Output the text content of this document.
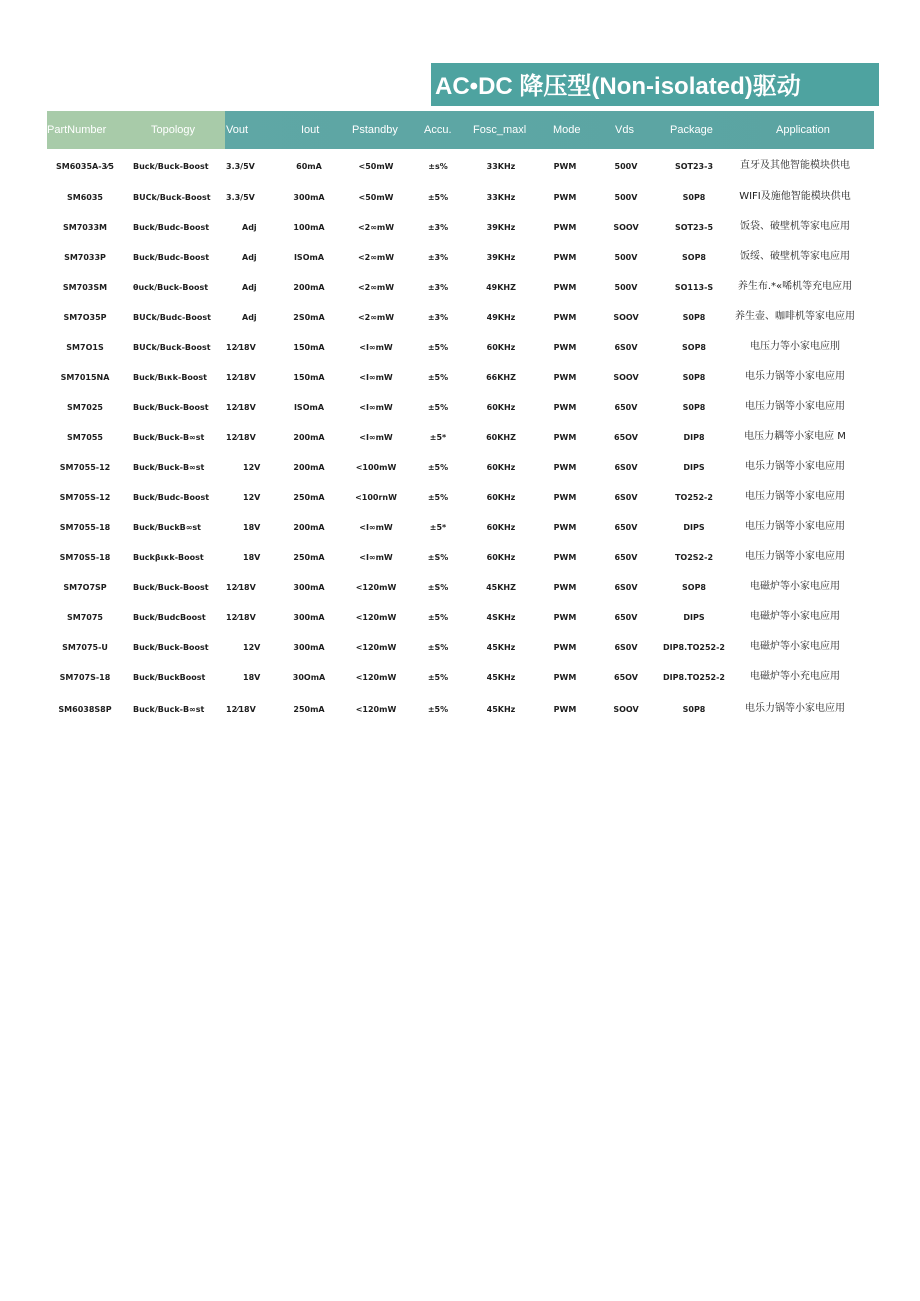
AC•DC 降压型(Non-isolated)驱动
PartNumber	Topology	Vout	Iout	Pstandby Accu. Fosc_maxl Mode	Vds	Package	Application
SM6035A-3⁄5	Buck/Buck-Boost 3.3/5V	60mA	<50mW	±s%	33KHz	PWM	500V	SOT23-3	直牙及其他智能模块供电
SM6035	BUCk/Buck-Boost 3.3/5V	300mA	<50mW	±5%	33KHz	PWM	500V	S0P8	WIFI及施他智能模块供电
SM7033M	Buck/Budc-Boost	Adj	100mA	<2∞mW	±3%	39KHz	PWM	SOOV	SOT23-5	饭袋、破壁机等家电应用
SM7033P	Buck/Budc-Boost	Adj	ISOmA	<2∞mW	±3%	39KHz	PWM	500V	SOP8	饭绥、破壁机等家电应用
SM703SM	θuck/Buck-Boost	Adj	200mA	<2∞mW	±3%	49KHZ	PWM	500V	SO113-S	养生布.*«唏机等充电应用
SM7O35P	BUCk/Budc-Boost	Adj	2S0mA	<2∞mW	±3%	49KHz	PWM	SOOV	S0P8	养生壶、咖啡机等家电应用
SM7O1S	BUCk/Buck-Boost 12⁄18V	150mA	<I∞mW	±5%	60KHz	PWM	6S0V	SOP8	电压力等小家电应刖
SM7015NA	Buck/Bικk-Boost 12⁄18V	150mA	<I∞mW	±5%	66KHZ	PWM	SOOV	S0P8	电乐力锅等小家电应用
SM7025	Buck/Buck-Boost 12⁄18V	ISOmA	<I∞mW	±5%	60KHz	PWM	650V	S0P8	电压力锅等小家电应用
SM7055	Buck/Buck-B∞st	12⁄18V	200mA	<I∞mW	±5*	60KHZ	PWM	65OV	DIP8	电压力耦等小家电应 M
SM7055-12	Buck/Buck-B∞st	12V	200mA	<100mW	±5%	60KHz	PWM	6S0V	DIPS	电乐力锅等小家电应用
SM705S-12	Buck/Budc-Boost	12V	250mA	<100rnW	±5%	60KHz	PWM	6S0V	TO252-2	电压力锅等小家电应用
SM7055-18	Buck/BuckB∞st	18V	200mA	<I∞mW	±5*	60KHz	PWM	650V	DIPS	电压力锅等小家电应用
SM70S5-18	Buckβικk-Boost	18V	250mA	<I∞mW	±S%	60KHz	PWM	650V	TO2S2-2	电压力锅等小家电应用
SM7O7SP	Buck/Buck-Boost 12⁄18V	300mA	<120mW	±S%	45KHZ	PWM	6S0V	SOP8	电磁炉等小家电应用
SM7075	Buck/BudcBoost	12⁄18V	300mA	<120mW	±5%	4SKHz	PWM	650V	DIPS	电磁炉等小家电应用
SM7075-U	Buck/Buck-Boost	12V	300mA	<120mW	±S%	45KHz	PWM	6S0V	DIP8.TO252-2	电磁炉等小家电应用
SM707S-18	Buck/BuckBoost	18V	30OmA	<120mW	±5%	45KHz	PWM	65OV	DIP8.TO252-2	电磁炉等小充电应用
SM6038S8P	Buck/Buck-B∞st	12⁄18V	250mA	<120mW	±5%	45KHz	PWM	SOOV	S0P8	电乐力锅等小家电应用
